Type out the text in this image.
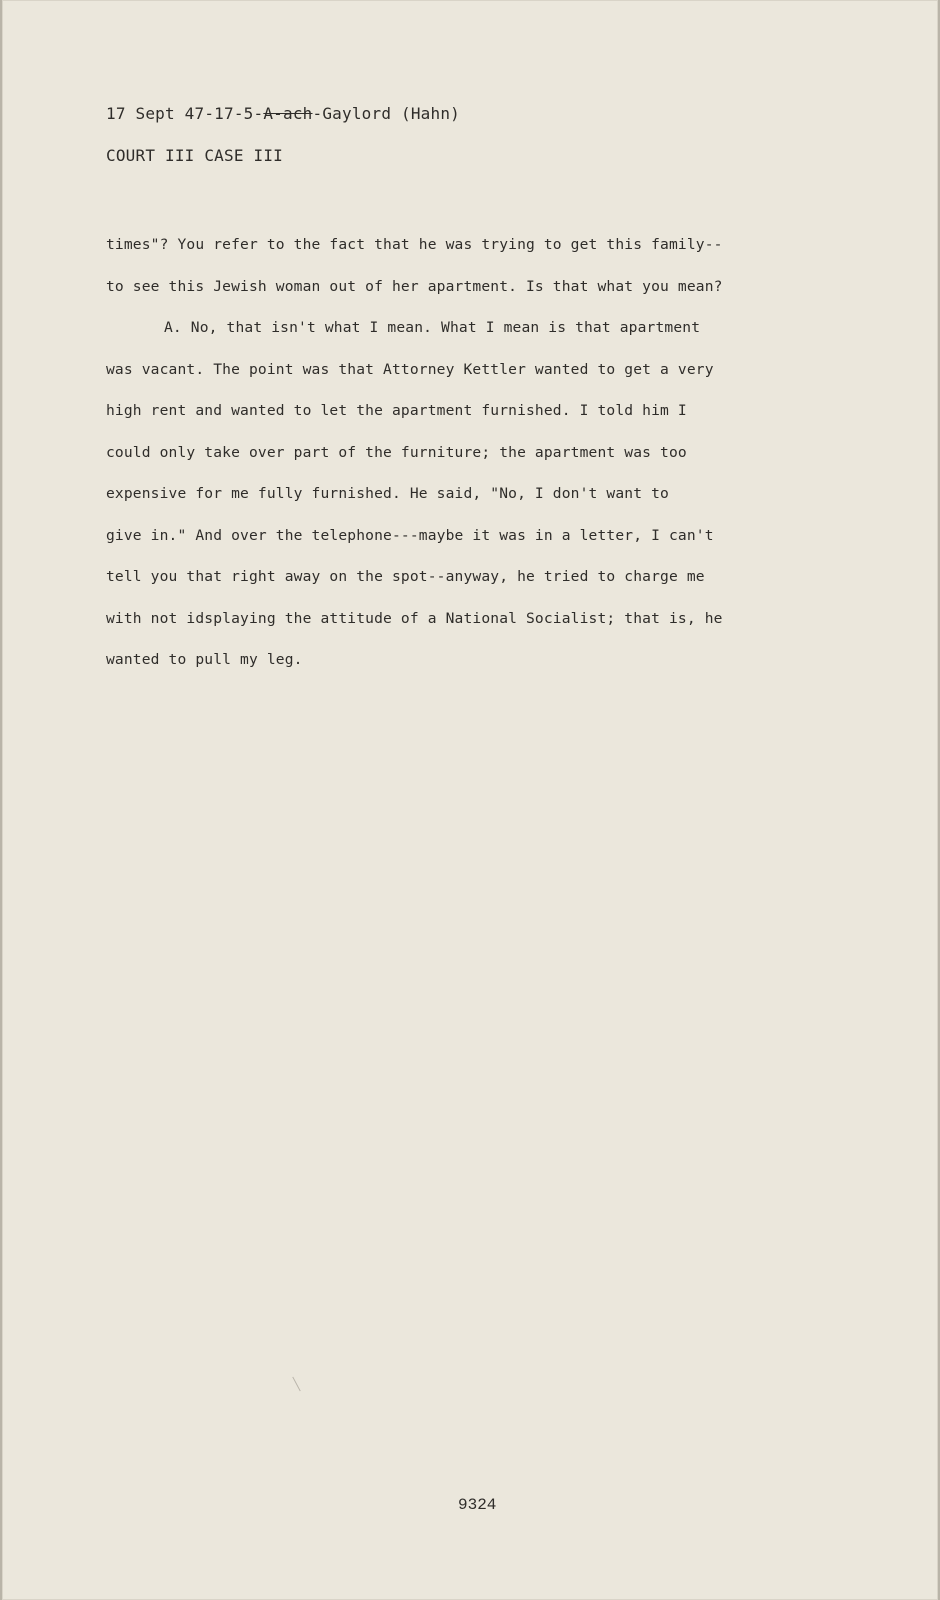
17 Sept 47-17-5-A-ach-Gaylord (Hahn)
COURT III CASE III
times"? You refer to the fact that he was trying to get this family--
to see this Jewish woman out of her apartment. Is that what you mean?
A. No, that isn't what I mean. What I mean is that apartment
was vacant. The point was that Attorney Kettler wanted to get a very
high rent and wanted to let the apartment furnished. I told him I
could only take over part of the furniture; the apartment was too
expensive for me fully furnished. He said, "No, I don't want to
give in." And over the telephone---maybe it was in a letter, I can't
tell you that right away on the spot--anyway, he tried to charge me
with not idsplaying the attitude of a National Socialist; that is, he
wanted to pull my leg.
9324
